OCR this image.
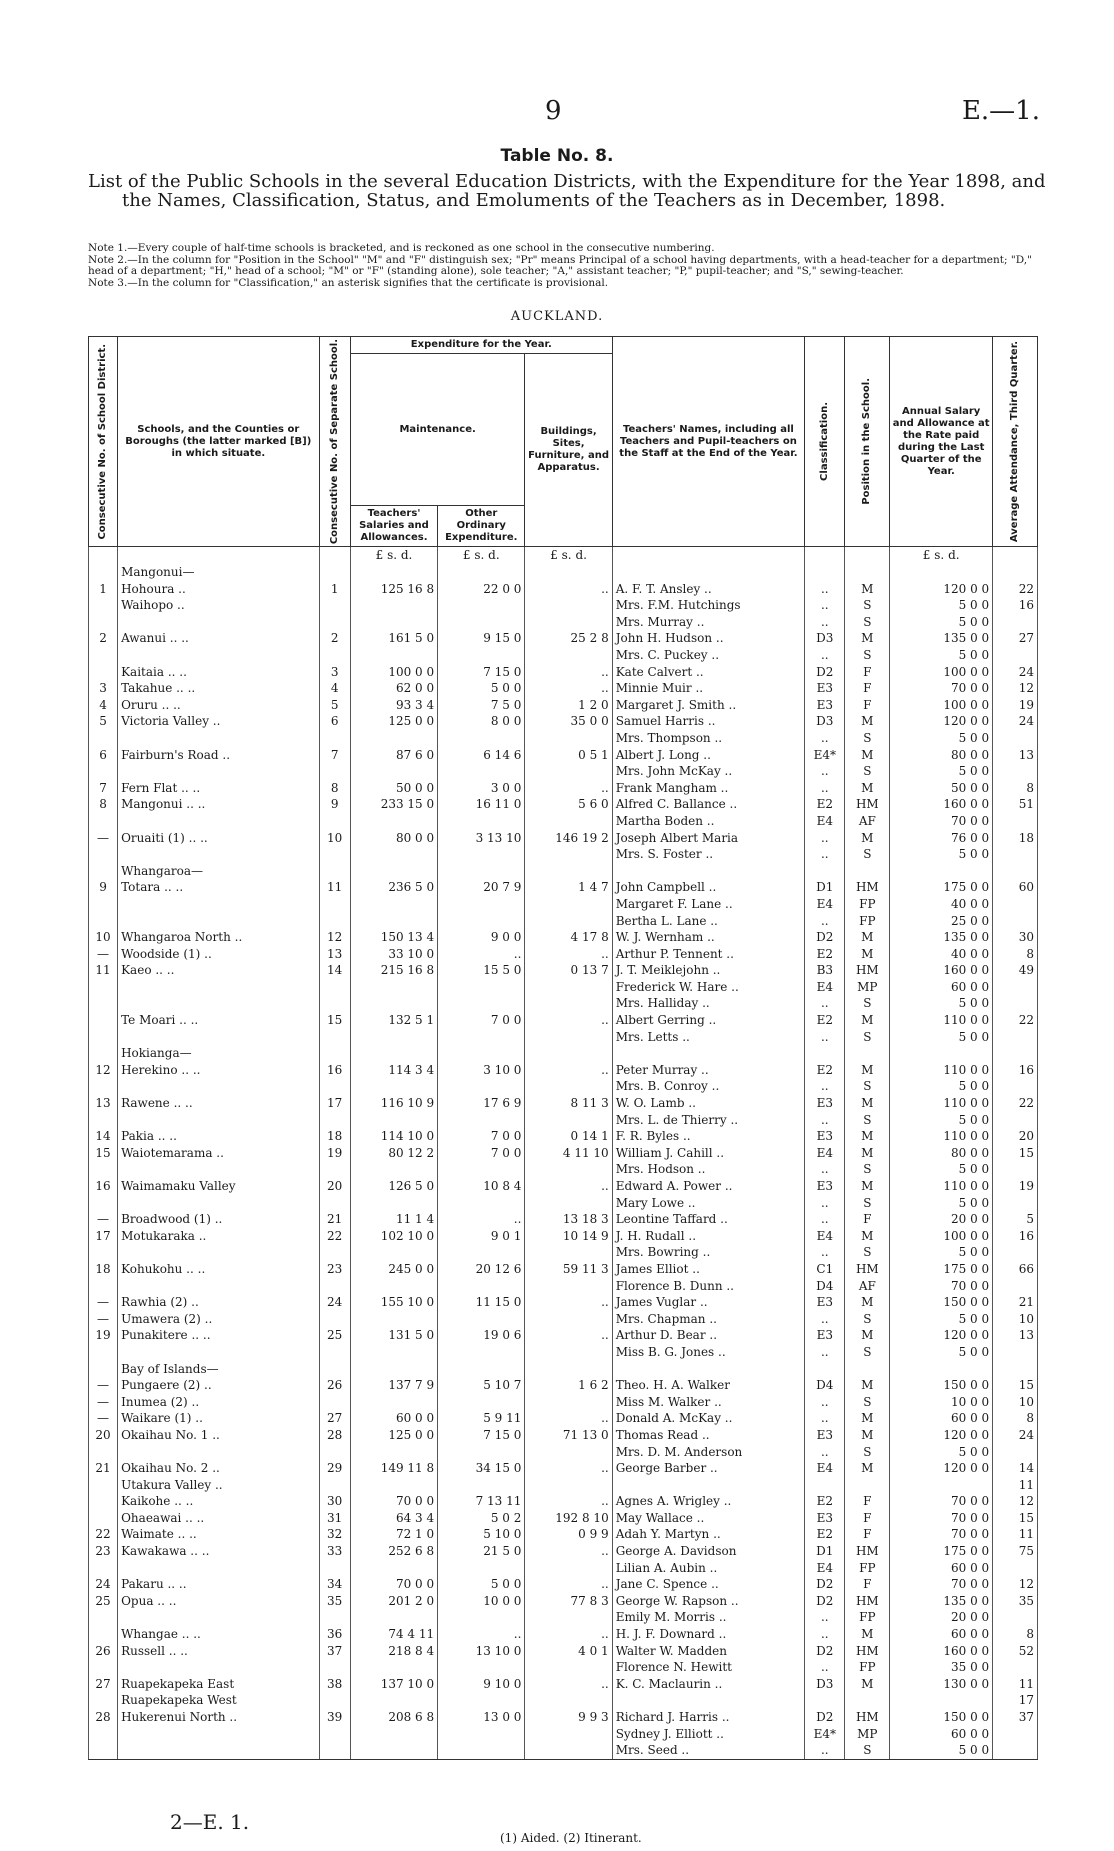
9	E.—1.
Table No. 8.
List of the Public Schools in the several Education Districts, with the Expenditure for the Year 1898, and the Names, Classification, Status, and Emoluments of the Teachers as in December, 1898.
Note 1.—Every couple of half-time schools is bracketed, and is reckoned as one school in the consecutive numbering.
Note 2.—In the column for "Position in the School" "M" and "F" distinguish sex; "Pr" means Principal of a school having departments, with a head-teacher for a department; "D," head of a department; "H," head of a school; "M" or "F" (standing alone), sole teacher; "A," assistant teacher; "P," pupil-teacher; and "S," sewing-teacher.
Note 3.—In the column for "Classification," an asterisk signifies that the certificate is provisional.
AUCKLAND.
Consecutive No. of School District.	Schools, and the Counties or Boroughs (the latter marked [B]) in which situate.	Consecutive No. of Separate School.	Expenditure for the Year.			Teachers' Names, including all Teachers and Pupil-teachers on the Staff at the End of the Year.	Classification.	Position in the School.	Annual Salary and Allowance at the Rate paid during the Last Quarter of the Year.	Average Attendance, Third Quarter.

			Maintenance.		Buildings, Sites, Furniture, and Apparatus.					
			Teachers' Salaries and Allowances.	Other Ordinary Expenditure.						
			£ s. d.	£ s. d.	£ s. d.				£ s. d.	
	Mangonui—									
1	Hohoura ..	1	125 16 8	22 0 0	..	A. F. T. Ansley ..	..	M	120 0 0	22
	Waihopo ..					Mrs. F.M. Hutchings	..	S	5 0 0	16
						Mrs. Murray ..	..	S	5 0 0	
2	Awanui .. ..	2	161 5 0	9 15 0	25 2 8	John H. Hudson ..	D3	M	135 0 0	27
						Mrs. C. Puckey ..	..	S	5 0 0	
	Kaitaia .. ..	3	100 0 0	7 15 0	..	Kate Calvert ..	D2	F	100 0 0	24
3	Takahue .. ..	4	62 0 0	5 0 0	..	Minnie Muir ..	E3	F	70 0 0	12
4	Oruru .. ..	5	93 3 4	7 5 0	1 2 0	Margaret J. Smith ..	E3	F	100 0 0	19
5	Victoria Valley ..	6	125 0 0	8 0 0	35 0 0	Samuel Harris ..	D3	M	120 0 0	24
						Mrs. Thompson ..	..	S	5 0 0	
6	Fairburn's Road ..	7	87 6 0	6 14 6	0 5 1	Albert J. Long ..	E4*	M	80 0 0	13
						Mrs. John McKay ..	..	S	5 0 0	
7	Fern Flat .. ..	8	50 0 0	3 0 0	..	Frank Mangham ..	..	M	50 0 0	8
8	Mangonui .. ..	9	233 15 0	16 11 0	5 6 0	Alfred C. Ballance ..	E2	HM	160 0 0	51
						Martha Boden ..	E4	AF	70 0 0	
—	Oruaiti (1) .. ..	10	80 0 0	3 13 10	146 19 2	Joseph Albert Maria	..	M	76 0 0	18
						Mrs. S. Foster ..	..	S	5 0 0	
	Whangaroa—									
9	Totara .. ..	11	236 5 0	20 7 9	1 4 7	John Campbell ..	D1	HM	175 0 0	60
						Margaret F. Lane ..	E4	FP	40 0 0	
						Bertha L. Lane ..	..	FP	25 0 0	
10	Whangaroa North ..	12	150 13 4	9 0 0	4 17 8	W. J. Wernham ..	D2	M	135 0 0	30
—	Woodside (1) ..	13	33 10 0	..	..	Arthur P. Tennent ..	E2	M	40 0 0	8
11	Kaeo .. ..	14	215 16 8	15 5 0	0 13 7	J. T. Meiklejohn ..	B3	HM	160 0 0	49
						Frederick W. Hare ..	E4	MP	60 0 0	
						Mrs. Halliday ..	..	S	5 0 0	
	Te Moari .. ..	15	132 5 1	7 0 0	..	Albert Gerring ..	E2	M	110 0 0	22
						Mrs. Letts ..	..	S	5 0 0	
	Hokianga—									
12	Herekino .. ..	16	114 3 4	3 10 0	..	Peter Murray ..	E2	M	110 0 0	16
						Mrs. B. Conroy ..	..	S	5 0 0	
13	Rawene .. ..	17	116 10 9	17 6 9	8 11 3	W. O. Lamb ..	E3	M	110 0 0	22
						Mrs. L. de Thierry ..	..	S	5 0 0	
14	Pakia .. ..	18	114 10 0	7 0 0	0 14 1	F. R. Byles ..	E3	M	110 0 0	20
15	Waiotemarama ..	19	80 12 2	7 0 0	4 11 10	William J. Cahill ..	E4	M	80 0 0	15
						Mrs. Hodson ..	..	S	5 0 0	
16	Waimamaku Valley	20	126 5 0	10 8 4	..	Edward A. Power ..	E3	M	110 0 0	19
						Mary Lowe ..	..	S	5 0 0	
—	Broadwood (1) ..	21	11 1 4	..	13 18 3	Leontine Taffard ..	..	F	20 0 0	5
17	Motukaraka ..	22	102 10 0	9 0 1	10 14 9	J. H. Rudall ..	E4	M	100 0 0	16
						Mrs. Bowring ..	..	S	5 0 0	
18	Kohukohu .. ..	23	245 0 0	20 12 6	59 11 3	James Elliot ..	C1	HM	175 0 0	66
						Florence B. Dunn ..	D4	AF	70 0 0	
—	Rawhia (2) ..	24	155 10 0	11 15 0	..	James Vuglar ..	E3	M	150 0 0	21
—	Umawera (2) ..					Mrs. Chapman ..	..	S	5 0 0	10
19	Punakitere .. ..	25	131 5 0	19 0 6	..	Arthur D. Bear ..	E3	M	120 0 0	13
						Miss B. G. Jones ..	..	S	5 0 0	
	Bay of Islands—									
—	Pungaere (2) ..	26	137 7 9	5 10 7	1 6 2	Theo. H. A. Walker	D4	M	150 0 0	15
—	Inumea (2) ..					Miss M. Walker ..	..	S	10 0 0	10
—	Waikare (1) ..	27	60 0 0	5 9 11	..	Donald A. McKay ..	..	M	60 0 0	8
20	Okaihau No. 1 ..	28	125 0 0	7 15 0	71 13 0	Thomas Read ..	E3	M	120 0 0	24
						Mrs. D. M. Anderson	..	S	5 0 0	
21	Okaihau No. 2 ..	29	149 11 8	34 15 0	..	George Barber ..	E4	M	120 0 0	14
	Utakura Valley ..									11
	Kaikohe .. ..	30	70 0 0	7 13 11	..	Agnes A. Wrigley ..	E2	F	70 0 0	12
	Ohaeawai .. ..	31	64 3 4	5 0 2	192 8 10	May Wallace ..	E3	F	70 0 0	15
22	Waimate .. ..	32	72 1 0	5 10 0	0 9 9	Adah Y. Martyn ..	E2	F	70 0 0	11
23	Kawakawa .. ..	33	252 6 8	21 5 0	..	George A. Davidson	D1	HM	175 0 0	75
						Lilian A. Aubin ..	E4	FP	60 0 0	
24	Pakaru .. ..	34	70 0 0	5 0 0	..	Jane C. Spence ..	D2	F	70 0 0	12
25	Opua .. ..	35	201 2 0	10 0 0	77 8 3	George W. Rapson ..	D2	HM	135 0 0	35
						Emily M. Morris ..	..	FP	20 0 0	
	Whangae .. ..	36	74 4 11	..	..	H. J. F. Downard ..	..	M	60 0 0	8
26	Russell .. ..	37	218 8 4	13 10 0	4 0 1	Walter W. Madden	D2	HM	160 0 0	52
						Florence N. Hewitt	..	FP	35 0 0	
27	Ruapekapeka East	38	137 10 0	9 10 0	..	K. C. Maclaurin ..	D3	M	130 0 0	11
	Ruapekapeka West									17
28	Hukerenui North ..	39	208 6 8	13 0 0	9 9 3	Richard J. Harris ..	D2	HM	150 0 0	37
						Sydney J. Elliott ..	E4*	MP	60 0 0	
						Mrs. Seed ..	..	S	5 0 0	
(1) Aided. (2) Itinerant.
2—E. 1.
